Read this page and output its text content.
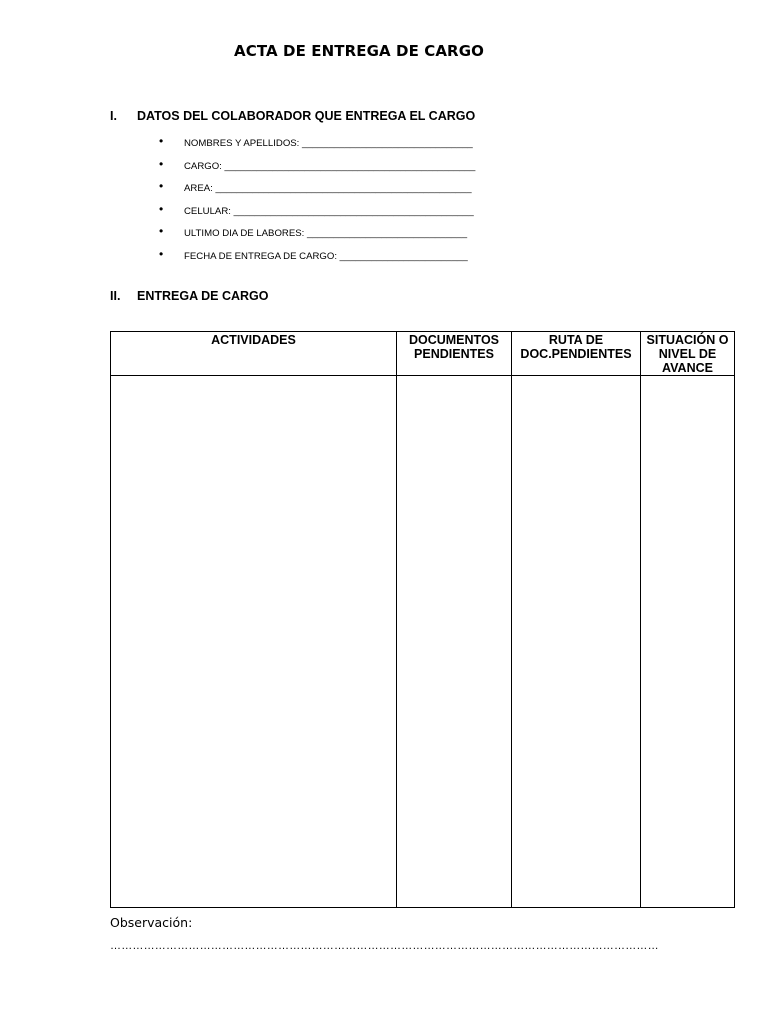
ACTA DE ENTREGA DE CARGO
I. DATOS DEL COLABORADOR QUE ENTREGA EL CARGO
• NOMBRES Y APELLIDOS: ________________________________
• CARGO: _______________________________________________
• AREA: ________________________________________________
• CELULAR: _____________________________________________
• ULTIMO DIA DE LABORES: ______________________________
• FECHA DE ENTREGA DE CARGO: ________________________
II. ENTREGA DE CARGO
ACTIVIDADES	DOCUMENTOS PENDIENTES	RUTA DE DOC.PENDIENTES	SITUACIÓN O NIVEL DE AVANCE

Observación:
…………………………………………………………………………………………………………………………………
